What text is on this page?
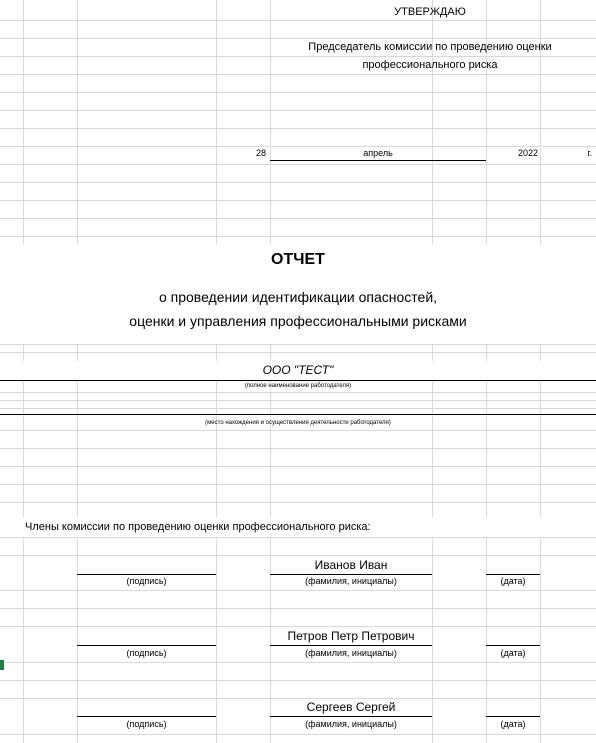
УТВЕРЖДАЮ
Председатель комиссии по проведению оценки
профессионального риска
28	апрель	2022	г.
ОТЧЕТ
о проведении идентификации опасностей,
оценки и управления профессиональными рисками
ООО "ТЕСТ"
(полное наименование работодателя)
(место нахождения и осуществления деятельности работодателя)
Члены комиссии по проведению оценки профессионального риска:
Иванов Иван
(подпись)	(фамилия, инициалы)	(дата)
Петров Петр Петрович
(подпись)	(фамилия, инициалы)	(дата)
Сергеев Сергей
(подпись)	(фамилия, инициалы)	(дата)
